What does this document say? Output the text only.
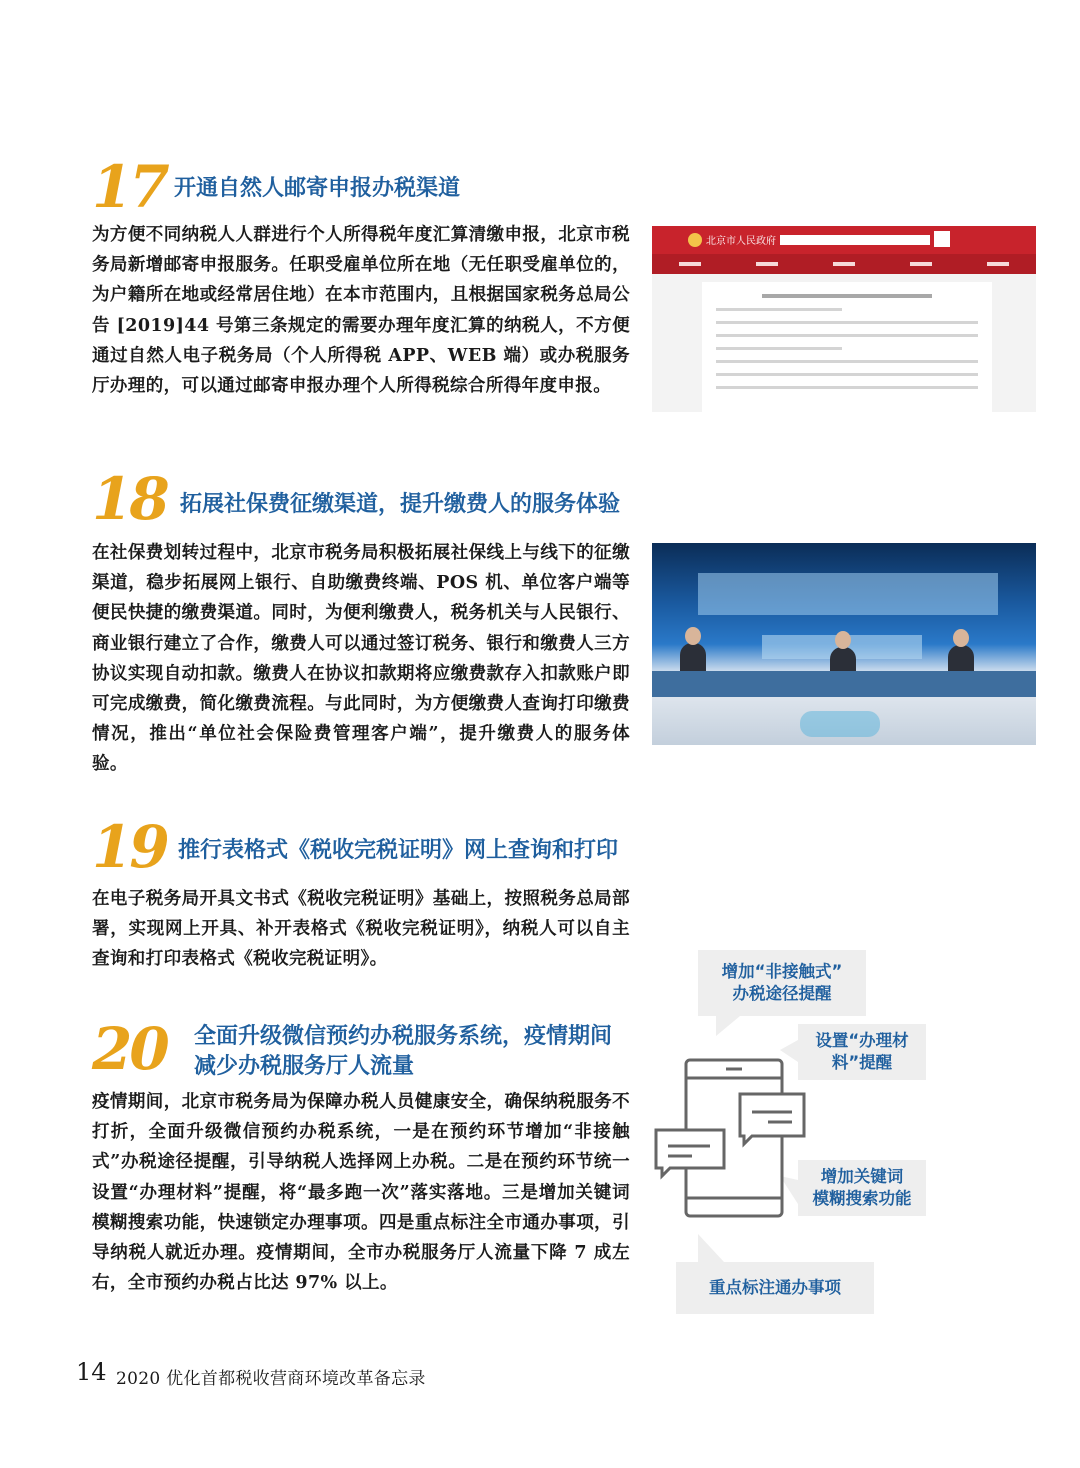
17 开通自然人邮寄申报办税渠道
为方便不同纳税人人群进行个人所得税年度汇算清缴申报，北京市税务局新增邮寄申报服务。任职受雇单位所在地（无任职受雇单位的，为户籍所在地或经常居住地）在本市范围内，且根据国家税务总局公告 [2019]44 号第三条规定的需要办理年度汇算的纳税人，不方便通过自然人电子税务局（个人所得税 APP、WEB 端）或办税服务厅办理的，可以通过邮寄申报办理个人所得税综合所得年度申报。
北京市人民政府
18 拓展社保费征缴渠道，提升缴费人的服务体验
在社保费划转过程中，北京市税务局积极拓展社保线上与线下的征缴渠道，稳步拓展网上银行、自助缴费终端、POS 机、单位客户端等便民快捷的缴费渠道。同时，为便利缴费人，税务机关与人民银行、商业银行建立了合作，缴费人可以通过签订税务、银行和缴费人三方协议实现自动扣款。缴费人在协议扣款期将应缴费款存入扣款账户即可完成缴费，简化缴费流程。与此同时，为方便缴费人查询打印缴费情况，推出“单位社会保险费管理客户端”，提升缴费人的服务体验。
19 推行表格式《税收完税证明》网上查询和打印
在电子税务局开具文书式《税收完税证明》基础上，按照税务总局部署，实现网上开具、补开表格式《税收完税证明》，纳税人可以自主查询和打印表格式《税收完税证明》。
20 全面升级微信预约办税服务系统，疫情期间
减少办税服务厅人流量
疫情期间，北京市税务局为保障办税人员健康安全，确保纳税服务不打折，全面升级微信预约办税系统，一是在预约环节增加“非接触式”办税途径提醒，引导纳税人选择网上办税。二是在预约环节统一设置“办理材料”提醒，将“最多跑一次”落实落地。三是增加关键词模糊搜索功能，快速锁定办理事项。四是重点标注全市通办事项，引导纳税人就近办理。疫情期间，全市办税服务厅人流量下降 7 成左右，全市预约办税占比达 97% 以上。
增加“非接触式”
办税途径提醒
设置“办理材
料”提醒
增加关键词
模糊搜索功能
重点标注通办事项
14 2020 优化首都税收营商环境改革备忘录
